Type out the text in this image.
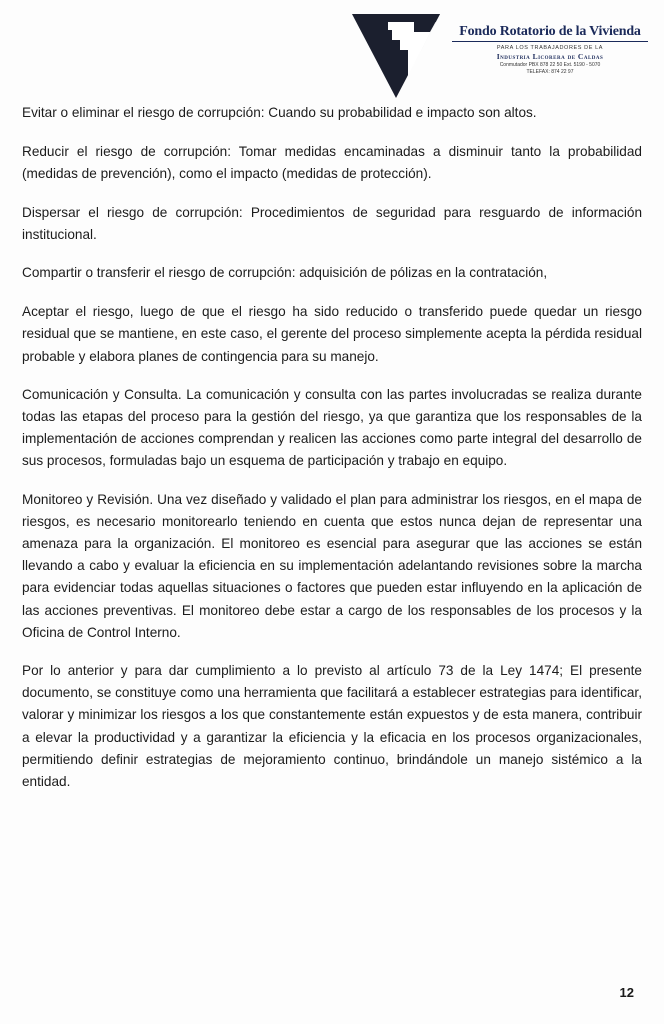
Fondo Rotatorio de la Vivienda
PARA LOS TRABAJADORES DE LA
Industria Licorera de Caldas
Conmutador PBX 878 22 50 Ext. 5190 - 5070
TELEFAX: 874 22 97

Evitar o eliminar el riesgo de corrupción: Cuando su probabilidad e impacto son altos.

Reducir el riesgo de corrupción: Tomar medidas encaminadas a disminuir tanto la probabilidad (medidas de prevención), como el impacto (medidas de protección).

Dispersar el riesgo de corrupción: Procedimientos de seguridad para resguardo de información institucional.

Compartir o transferir el riesgo de corrupción: adquisición de pólizas en la contratación,

Aceptar el riesgo, luego de que el riesgo ha sido reducido o transferido puede quedar un riesgo residual que se mantiene, en este caso, el gerente del proceso simplemente acepta la pérdida residual probable y elabora planes de contingencia para su manejo.

Comunicación y Consulta. La comunicación y consulta con las partes involucradas se realiza durante todas las etapas del proceso para la gestión del riesgo, ya que garantiza que los responsables de la implementación de acciones comprendan y realicen las acciones como parte integral del desarrollo de sus procesos, formuladas bajo un esquema de participación y trabajo en equipo.

Monitoreo y Revisión. Una vez diseñado y validado el plan para administrar los riesgos, en el mapa de riesgos, es necesario monitorearlo teniendo en cuenta que estos nunca dejan de representar una amenaza para la organización. El monitoreo es esencial para asegurar que las acciones se están llevando a cabo y evaluar la eficiencia en su implementación adelantando revisiones sobre la marcha para evidenciar todas aquellas situaciones o factores que pueden estar influyendo en la aplicación de las acciones preventivas. El monitoreo debe estar a cargo de los responsables de los procesos y la Oficina de Control Interno.

Por lo anterior y para dar cumplimiento a lo previsto al artículo 73 de la Ley 1474; El presente documento, se constituye como una herramienta que facilitará a establecer estrategias para identificar, valorar y minimizar los riesgos a los que constantemente están expuestos y de esta manera, contribuir a elevar la productividad y a garantizar la eficiencia y la eficacia en los procesos organizacionales, permitiendo definir estrategias de mejoramiento continuo, brindándole un manejo sistémico a la entidad.

12
